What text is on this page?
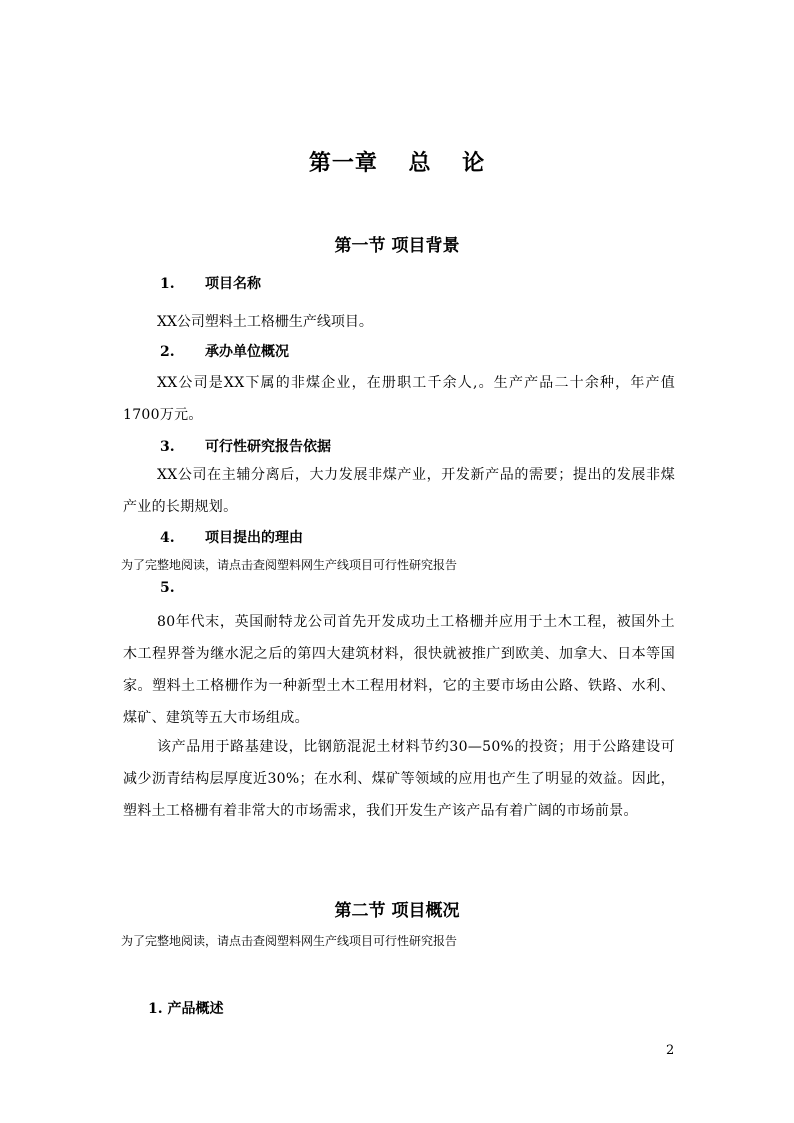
第一章 总 论
第一节 项目背景
1. 项目名称
XX公司塑料土工格栅生产线项目。
2. 承办单位概况
XX公司是XX下属的非煤企业，在册职工千余人,。生产产品二十余种，年产值1700万元。
3. 可行性研究报告依据
XX公司在主辅分离后，大力发展非煤产业，开发新产品的需要；提出的发展非煤产业的长期规划。
4. 项目提出的理由
为了完整地阅读，请点击查阅塑料网生产线项目可行性研究报告
5.
80年代末，英国耐特龙公司首先开发成功土工格栅并应用于土木工程，被国外土木工程界誉为继水泥之后的第四大建筑材料，很快就被推广到欧美、加拿大、日本等国家。塑料土工格栅作为一种新型土木工程用材料，它的主要市场由公路、铁路、水利、煤矿、建筑等五大市场组成。
该产品用于路基建设，比钢筋混泥土材料节约30—50%的投资；用于公路建设可减少沥青结构层厚度近30%；在水利、煤矿等领域的应用也产生了明显的效益。因此，塑料土工格栅有着非常大的市场需求，我们开发生产该产品有着广阔的市场前景。
第二节 项目概况
为了完整地阅读，请点击查阅塑料网生产线项目可行性研究报告
1. 产品概述
2
